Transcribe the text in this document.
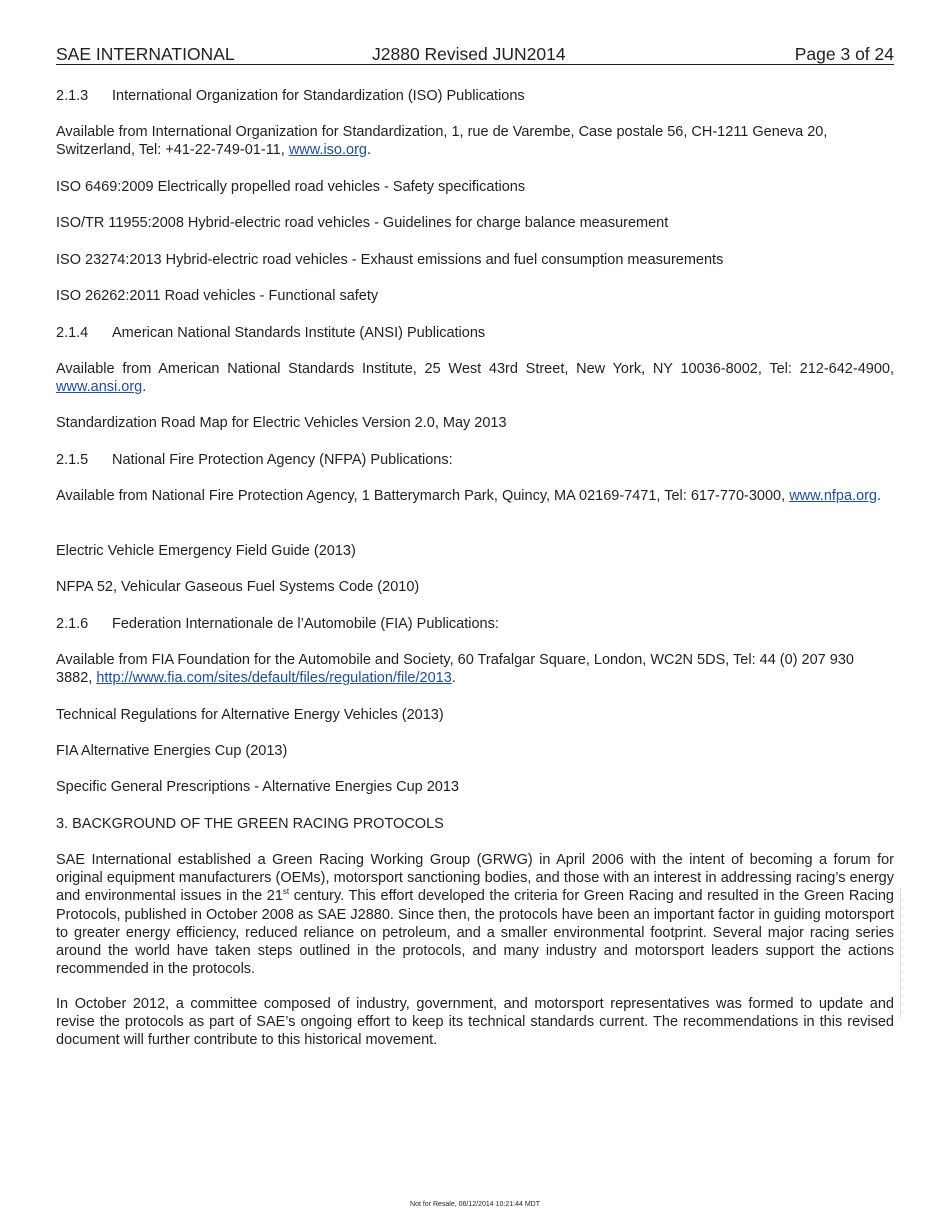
SAE INTERNATIONAL	J2880 Revised JUN2014	Page 3 of 24

2.1.3 International Organization for Standardization (ISO) Publications

Available from International Organization for Standardization, 1, rue de Varembe, Case postale 56, CH-1211 Geneva 20, Switzerland, Tel: +41-22-749-01-11, www.iso.org.

ISO 6469:2009 Electrically propelled road vehicles - Safety specifications

ISO/TR 11955:2008 Hybrid-electric road vehicles - Guidelines for charge balance measurement

ISO 23274:2013 Hybrid-electric road vehicles - Exhaust emissions and fuel consumption measurements

ISO 26262:2011 Road vehicles - Functional safety

2.1.4 American National Standards Institute (ANSI) Publications

Available from American National Standards Institute, 25 West 43rd Street, New York, NY 10036-8002, Tel: 212-642-4900, www.ansi.org.

Standardization Road Map for Electric Vehicles Version 2.0, May 2013

2.1.5 National Fire Protection Agency (NFPA) Publications:

Available from National Fire Protection Agency, 1 Batterymarch Park, Quincy, MA 02169-7471, Tel: 617-770-3000, www.nfpa.org.

Electric Vehicle Emergency Field Guide (2013)

NFPA 52, Vehicular Gaseous Fuel Systems Code (2010)

2.1.6 Federation Internationale de l’Automobile (FIA) Publications:

Available from FIA Foundation for the Automobile and Society, 60 Trafalgar Square, London, WC2N 5DS, Tel: 44 (0) 207 930 3882, http://www.fia.com/sites/default/files/regulation/file/2013.

Technical Regulations for Alternative Energy Vehicles (2013)

FIA Alternative Energies Cup (2013)

Specific General Prescriptions - Alternative Energies Cup 2013

3. BACKGROUND OF THE GREEN RACING PROTOCOLS

SAE International established a Green Racing Working Group (GRWG) in April 2006 with the intent of becoming a forum for original equipment manufacturers (OEMs), motorsport sanctioning bodies, and those with an interest in addressing racing’s energy and environmental issues in the 21st century. This effort developed the criteria for Green Racing and resulted in the Green Racing Protocols, published in October 2008 as SAE J2880. Since then, the protocols have been an important factor in guiding motorsport to greater energy efficiency, reduced reliance on petroleum, and a smaller environmental footprint. Several major racing series around the world have taken steps outlined in the protocols, and many industry and motorsport leaders support the actions recommended in the protocols.

In October 2012, a committee composed of industry, government, and motorsport representatives was formed to update and revise the protocols as part of SAE’s ongoing effort to keep its technical standards current. The recommendations in this revised document will further contribute to this historical movement.

Not for Resale, 06/12/2014 10:21:44 MDT
